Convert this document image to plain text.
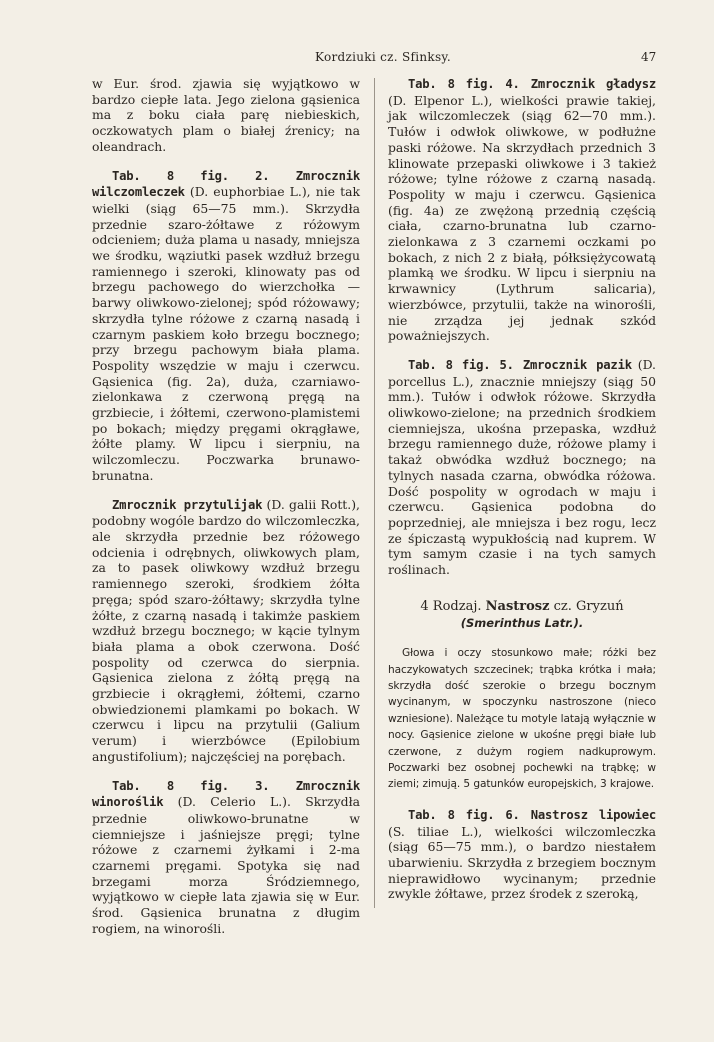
Kordziuki cz. Sfinksy.	47

w Eur. środ. zjawia się wyjątkowo w bardzo ciepłe lata. Jego zielona gąsienica ma z boku ciała parę niebieskich, oczkowatych plam o białej źrenicy; na oleandrach.

Tab. 8 fig. 2. Zmrocznik wilczomleczek (D. euphorbiae L.), nie tak wielki (siąg 65—75 mm.). Skrzydła przednie szaro-żółtawe z różowym odcieniem; duża plama u nasady, mniejsza we środku, wąziutki pasek wzdłuż brzegu ramiennego i szeroki, klinowaty pas od brzegu pachowego do wierzchołka — barwy oliwkowo-zielonej; spód różowawy; skrzydła tylne różowe z czarną nasadą i czarnym paskiem koło brzegu bocznego; przy brzegu pachowym biała plama. Pospolity wszędzie w maju i czerwcu. Gąsienica (fig. 2a), duża, czarniawo-zielonkawa z czerwoną pręgą na grzbiecie, i żółtemi, czerwono-plamistemi po bokach; między pręgami okrągławe, żółte plamy. W lipcu i sierpniu, na wilczomleczu. Poczwarka brunawo-brunatna.

Zmrocznik przytulijak (D. galii Rott.), podobny wogóle bardzo do wilczomleczka, ale skrzydła przednie bez różowego odcienia i odrębnych, oliwkowych plam, za to pasek oliwkowy wzdłuż brzegu ramiennego szeroki, środkiem żółta pręga; spód szaro-żółtawy; skrzydła tylne żółte, z czarną nasadą i takimże paskiem wzdłuż brzegu bocznego; w kącie tylnym biała plama a obok czerwona. Dość pospolity od czerwca do sierpnia. Gąsienica zielona z żółtą pręgą na grzbiecie i okrągłemi, żółtemi, czarno obwiedzionemi plamkami po bokach. W czerwcu i lipcu na przytulii (Galium verum) i wierzbówce (Epilobium angustifolium); najczęściej na porębach.

Tab. 8 fig. 3. Zmrocznik winoroślik (D. Celerio L.). Skrzydła przednie oliwkowo-brunatne w ciemniejsze i jaśniejsze pręgi; tylne różowe z czarnemi żyłkami i 2-ma czarnemi pręgami. Spotyka się nad brzegami morza Śródziemnego, wyjątkowo w ciepłe lata zjawia się w Eur. środ. Gąsienica brunatna z długim rogiem, na winorośli.

Tab. 8 fig. 4. Zmrocznik gładysz (D. Elpenor L.), wielkości prawie takiej, jak wilczomleczek (siąg 62—70 mm.). Tułów i odwłok oliwkowe, w podłużne paski różowe. Na skrzydłach przednich 3 klinowate przepaski oliwkowe i 3 takież różowe; tylne różowe z czarną nasadą. Pospolity w maju i czerwcu. Gąsienica (fig. 4a) ze zwężoną przednią częścią ciała, czarno-brunatna lub czarno-zielonkawa z 3 czarnemi oczkami po bokach, z nich 2 z białą, półksiężycowatą plamką we środku. W lipcu i sierpniu na krwawnicy (Lythrum salicaria), wierzbówce, przytulii, także na winorośli, nie zrządza jej jednak szkód poważniejszych.

Tab. 8 fig. 5. Zmrocznik pazik (D. porcellus L.), znacznie mniejszy (siąg 50 mm.). Tułów i odwłok różowe. Skrzydła oliwkowo-zielone; na przednich środkiem ciemniejsza, ukośna przepaska, wzdłuż brzegu ramiennego duże, różowe plamy i takaż obwódka wzdłuż bocznego; na tylnych nasada czarna, obwódka różowa. Dość pospolity w ogrodach w maju i czerwcu. Gąsienica podobna do poprzedniej, ale mniejsza i bez rogu, lecz ze śpiczastą wypukłością nad kuprem. W tym samym czasie i na tych samych roślinach.

4 Rodzaj. Nastrosz cz. Gryzuń
(Smerinthus Latr.).

Głowa i oczy stosunkowo małe; różki bez haczykowatych szczecinek; trąbka krótka i mała; skrzydła dość szerokie o brzegu bocznym wycinanym, w spoczynku nastroszone (nieco wzniesione). Należące tu motyle latają wyłącznie w nocy. Gąsienice zielone w ukośne pręgi białe lub czerwone, z dużym rogiem nadkuprowym. Poczwarki bez osobnej pochewki na trąbkę; w ziemi; zimują. 5 gatunków europejskich, 3 krajowe.

Tab. 8 fig. 6. Nastrosz lipowiec (S. tiliae L.), wielkości wilczomleczka (siąg 65—75 mm.), o bardzo niestałem ubarwieniu. Skrzydła z brzegiem bocznym nieprawidłowo wycinanym; przednie zwykle żółtawe, przez środek z szeroką,
